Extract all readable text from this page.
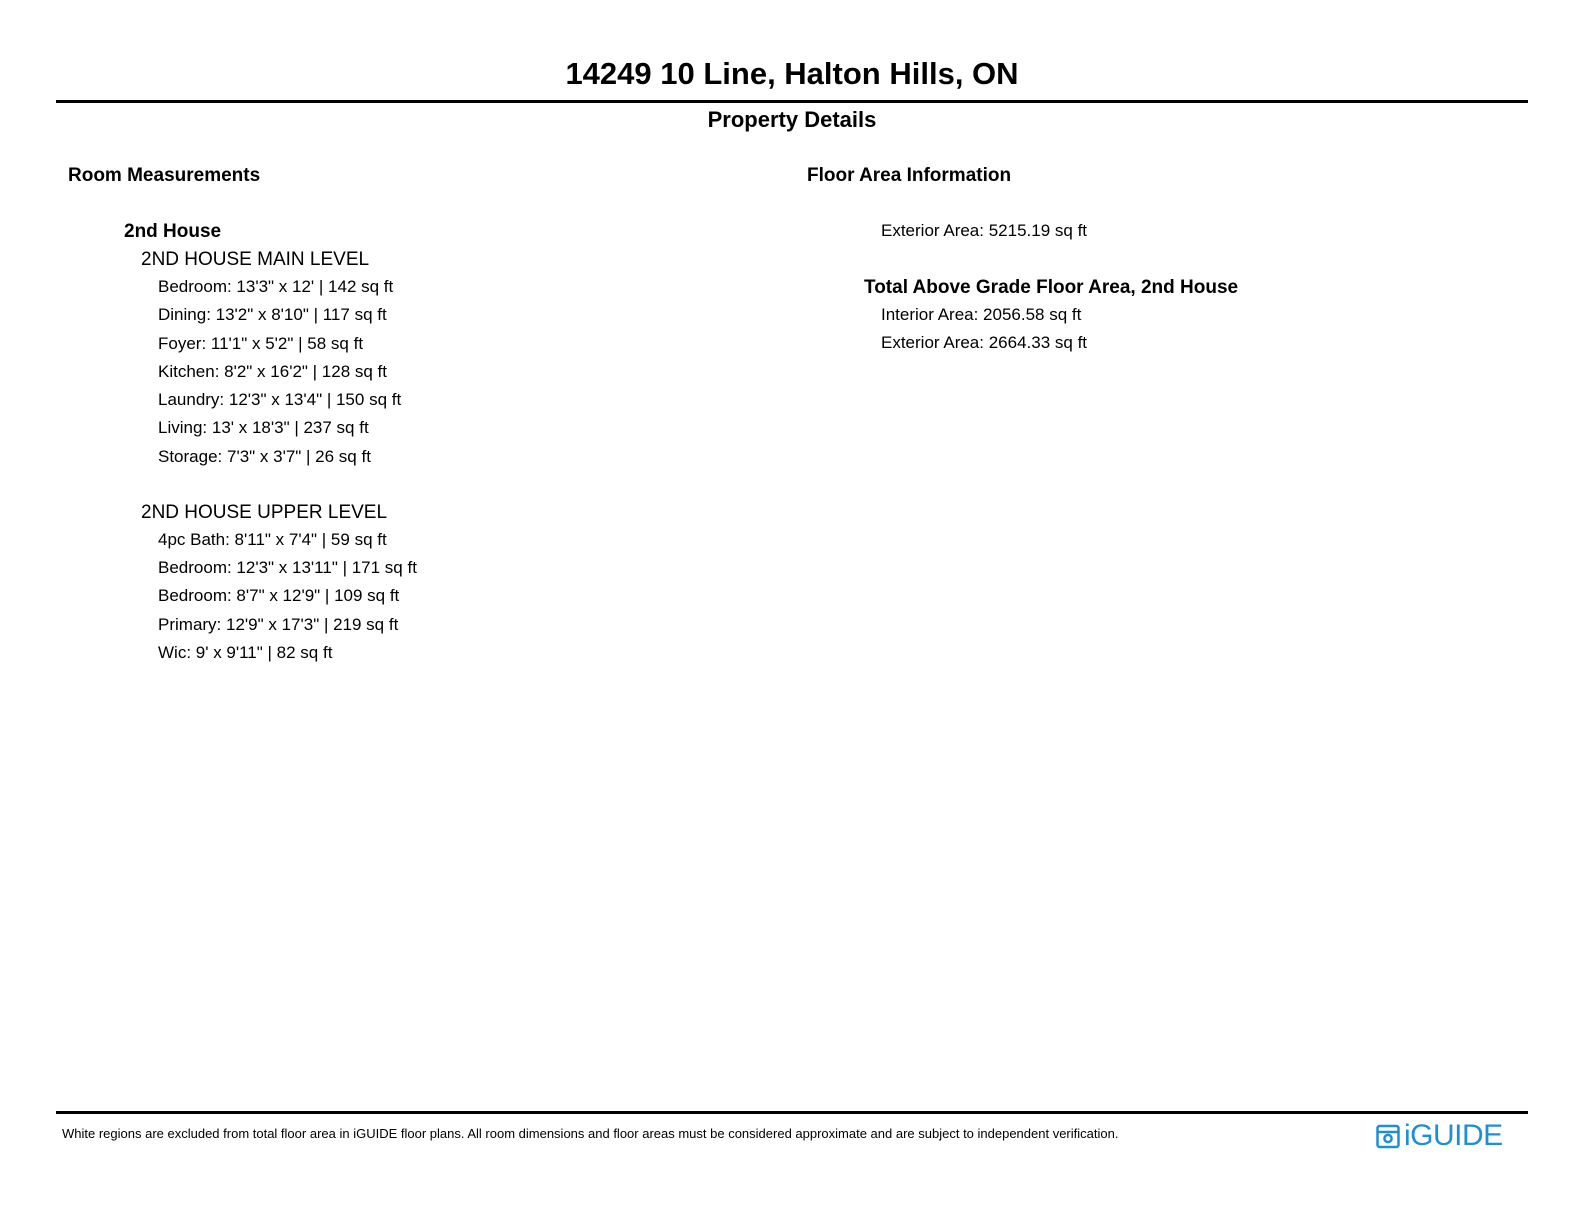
14249 10 Line, Halton Hills, ON
Property Details
Room Measurements	Floor Area Information
2nd House
2ND HOUSE MAIN LEVEL
Bedroom: 13'3" x 12' | 142 sq ft
Dining: 13'2" x 8'10" | 117 sq ft
Foyer: 11'1" x 5'2" | 58 sq ft
Kitchen: 8'2" x 16'2" | 128 sq ft
Laundry: 12'3" x 13'4" | 150 sq ft
Living: 13' x 18'3" | 237 sq ft
Storage: 7'3" x 3'7" | 26 sq ft
2ND HOUSE UPPER LEVEL
4pc Bath: 8'11" x 7'4" | 59 sq ft
Bedroom: 12'3" x 13'11" | 171 sq ft
Bedroom: 8'7" x 12'9" | 109 sq ft
Primary: 12'9" x 17'3" | 219 sq ft
Wic: 9' x 9'11" | 82 sq ft
Exterior Area: 5215.19 sq ft
Total Above Grade Floor Area, 2nd House
Interior Area: 2056.58 sq ft
Exterior Area: 2664.33 sq ft
White regions are excluded from total floor area in iGUIDE floor plans. All room dimensions and floor areas must be considered approximate and are subject to independent verification.	iGUIDE
